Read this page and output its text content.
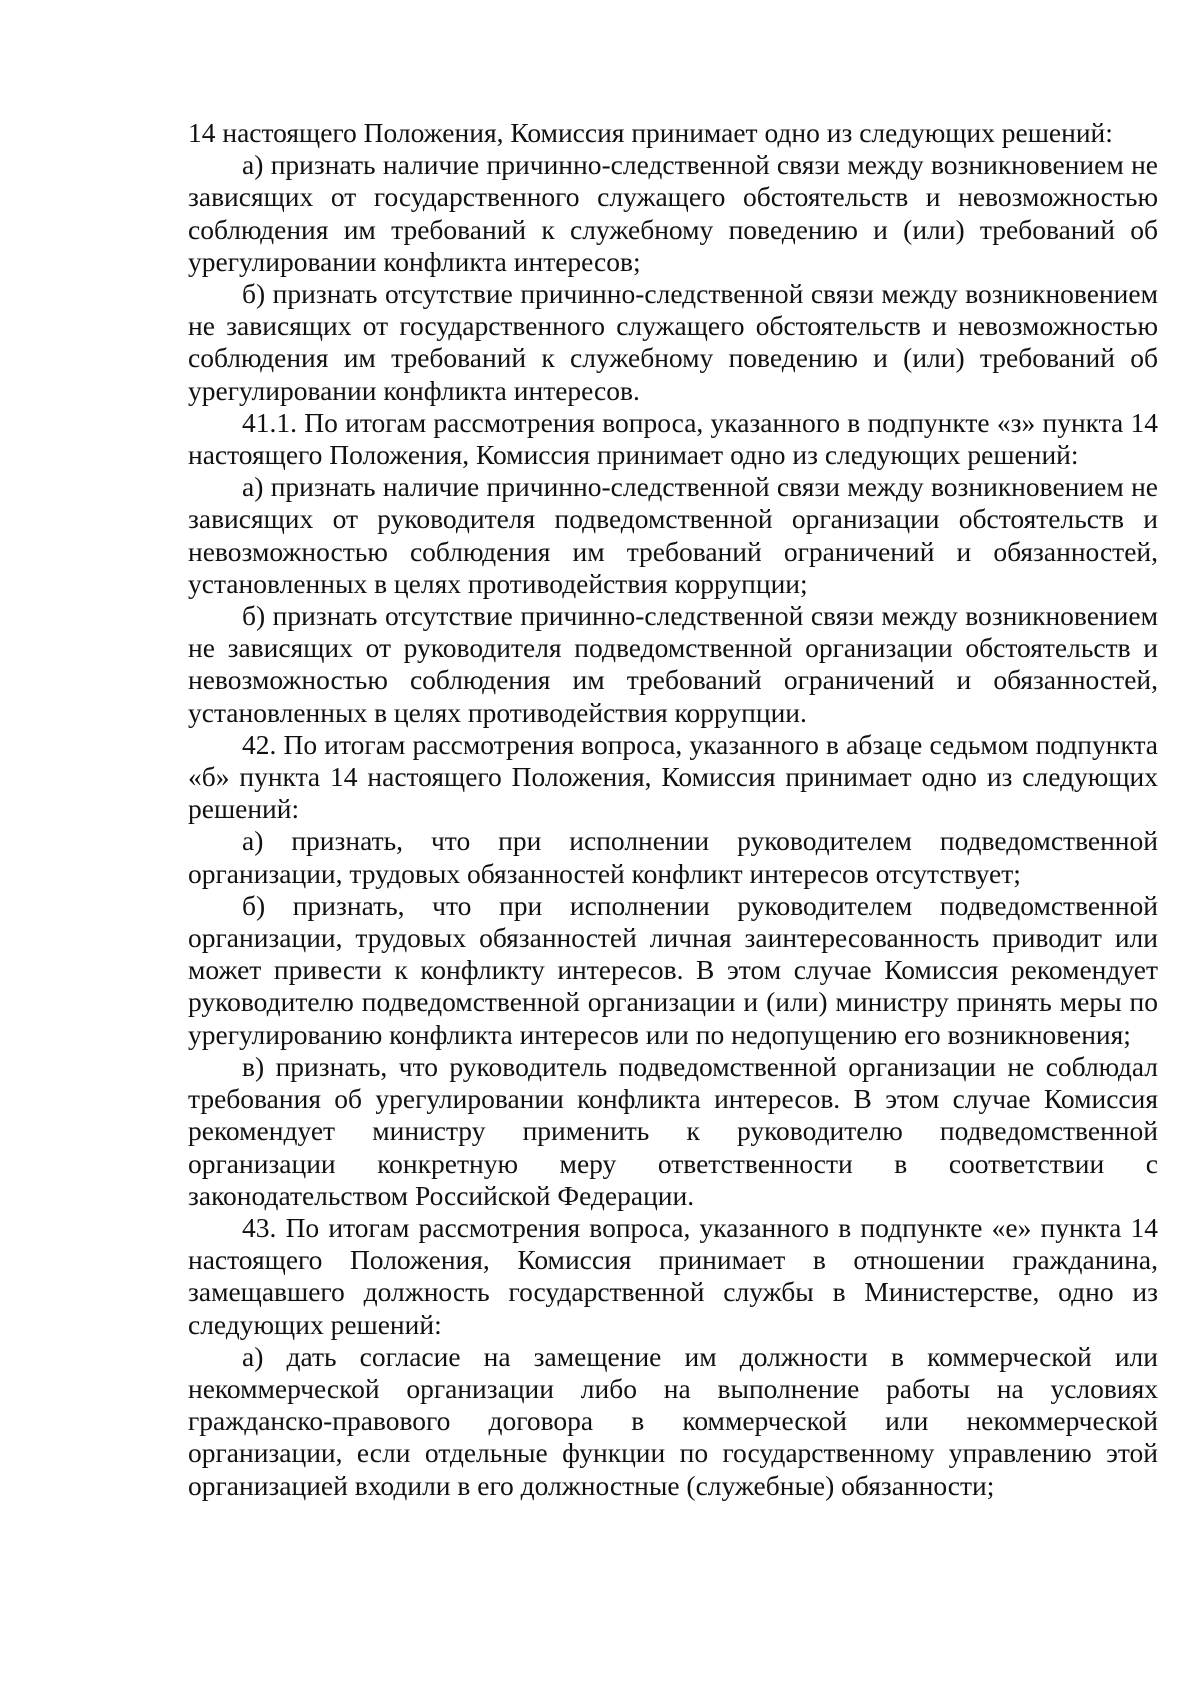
14 настоящего Положения, Комиссия принимает одно из следующих решений:

а) признать наличие причинно-следственной связи между возникновением не зависящих от государственного служащего обстоятельств и невозможностью соблюдения им требований к служебному поведению и (или) требований об урегулировании конфликта интересов;

б) признать отсутствие причинно-следственной связи между возникновением не зависящих от государственного служащего обстоятельств и невозможностью соблюдения им требований к служебному поведению и (или) требований об урегулировании конфликта интересов.

41.1. По итогам рассмотрения вопроса, указанного в подпункте «з» пункта 14 настоящего Положения, Комиссия принимает одно из следующих решений:

а) признать наличие причинно-следственной связи между возникновением не зависящих от руководителя подведомственной организации обстоятельств и невозможностью соблюдения им требований ограничений и обязанностей, установленных в целях противодействия коррупции;

б) признать отсутствие причинно-следственной связи между возникновением не зависящих от руководителя подведомственной организации обстоятельств и невозможностью соблюдения им требований ограничений и обязанностей, установленных в целях противодействия коррупции.

42. По итогам рассмотрения вопроса, указанного в абзаце седьмом подпункта «б» пункта 14 настоящего Положения, Комиссия принимает одно из следующих решений:

а) признать, что при исполнении руководителем подведомственной организации, трудовых обязанностей конфликт интересов отсутствует;

б) признать, что при исполнении руководителем подведомственной организации, трудовых обязанностей личная заинтересованность приводит или может привести к конфликту интересов. В этом случае Комиссия рекомендует руководителю подведомственной организации и (или) министру принять меры по урегулированию конфликта интересов или по недопущению его возникновения;

в) признать, что руководитель подведомственной организации не соблюдал требования об урегулировании конфликта интересов. В этом случае Комиссия рекомендует министру применить к руководителю подведомственной организации конкретную меру ответственности в соответствии с законодательством Российской Федерации.

43. По итогам рассмотрения вопроса, указанного в подпункте «е» пункта 14 настоящего Положения, Комиссия принимает в отношении гражданина, замещавшего должность государственной службы в Министерстве, одно из следующих решений:

а) дать согласие на замещение им должности в коммерческой или некоммерческой организации либо на выполнение работы на условиях гражданско-правового договора в коммерческой или некоммерческой организации, если отдельные функции по государственному управлению этой организацией входили в его должностные (служебные) обязанности;
